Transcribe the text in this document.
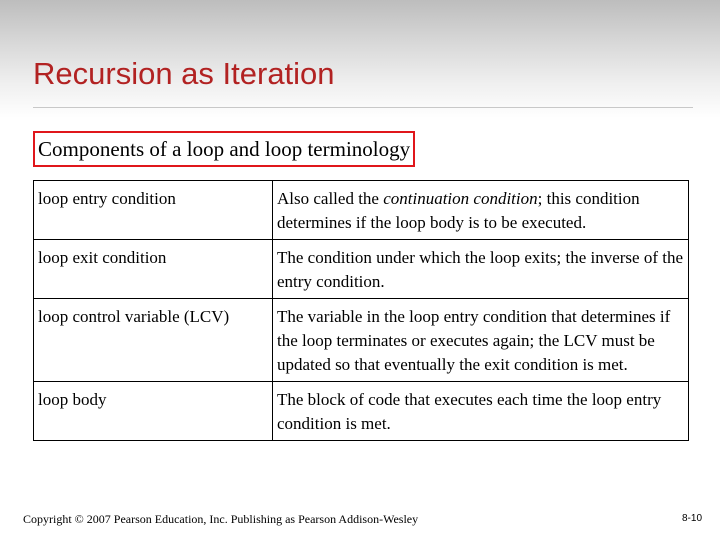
Recursion as Iteration
Components of a loop and loop terminology
loop entry condition	Also called the continuation condition; this condition determines if the loop body is to be executed.
loop exit condition	The condition under which the loop exits; the inverse of the entry condition.
loop control variable (LCV)	The variable in the loop entry condition that determines if the loop terminates or executes again; the LCV must be updated so that eventually the exit condition is met.
loop body	The block of code that executes each time the loop entry condition is met.
Copyright © 2007 Pearson Education, Inc. Publishing as Pearson Addison-Wesley	8-10
